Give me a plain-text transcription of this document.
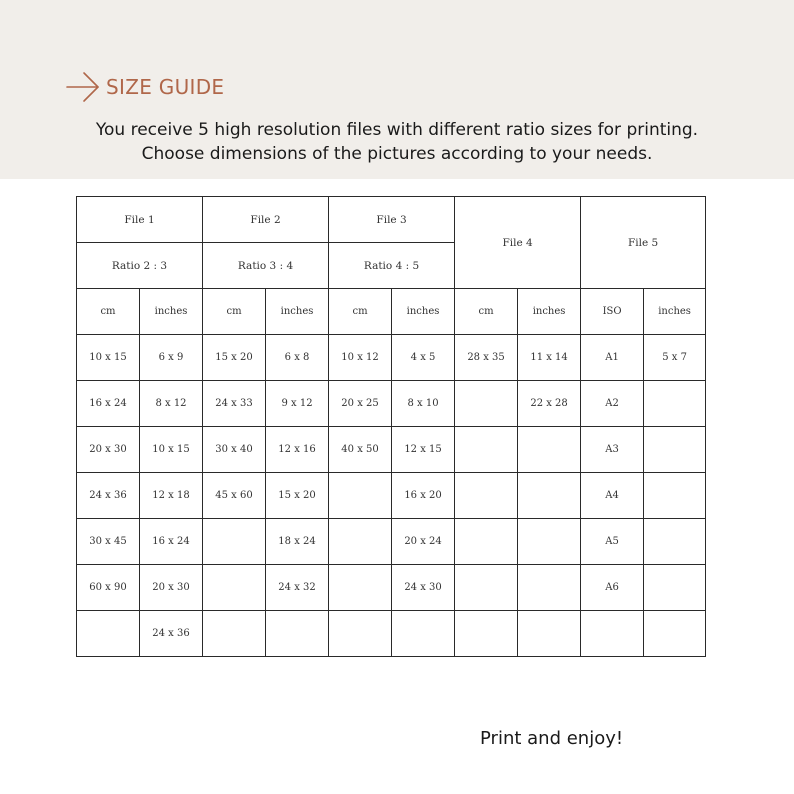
SIZE GUIDE
You receive 5 high resolution files with different ratio sizes for printing.
Choose dimensions of the pictures according to your needs.
File 1		File 2		File 3		File 4		File 5	
Ratio 2 : 3		Ratio 3 : 4		Ratio 4 : 5					
cm	inches	cm	inches	cm	inches	cm	inches	ISO	inches
10 x 15	6 x 9	15 x 20	6 x 8	10 x 12	4 x 5	28 x 35	11 x 14	A1	5 x 7
16 x 24	8 x 12	24 x 33	9 x 12	20 x 25	8 x 10		22 x 28	A2	
20 x 30	10 x 15	30 x 40	12 x 16	40 x 50	12 x 15			A3	
24 x 36	12 x 18	45 x 60	15 x 20		16 x 20			A4	
30 x 45	16 x 24		18 x 24		20 x 24			A5	
60 x 90	20 x 30		24 x 32		24 x 30			A6	
	24 x 36								
Print and enjoy!
